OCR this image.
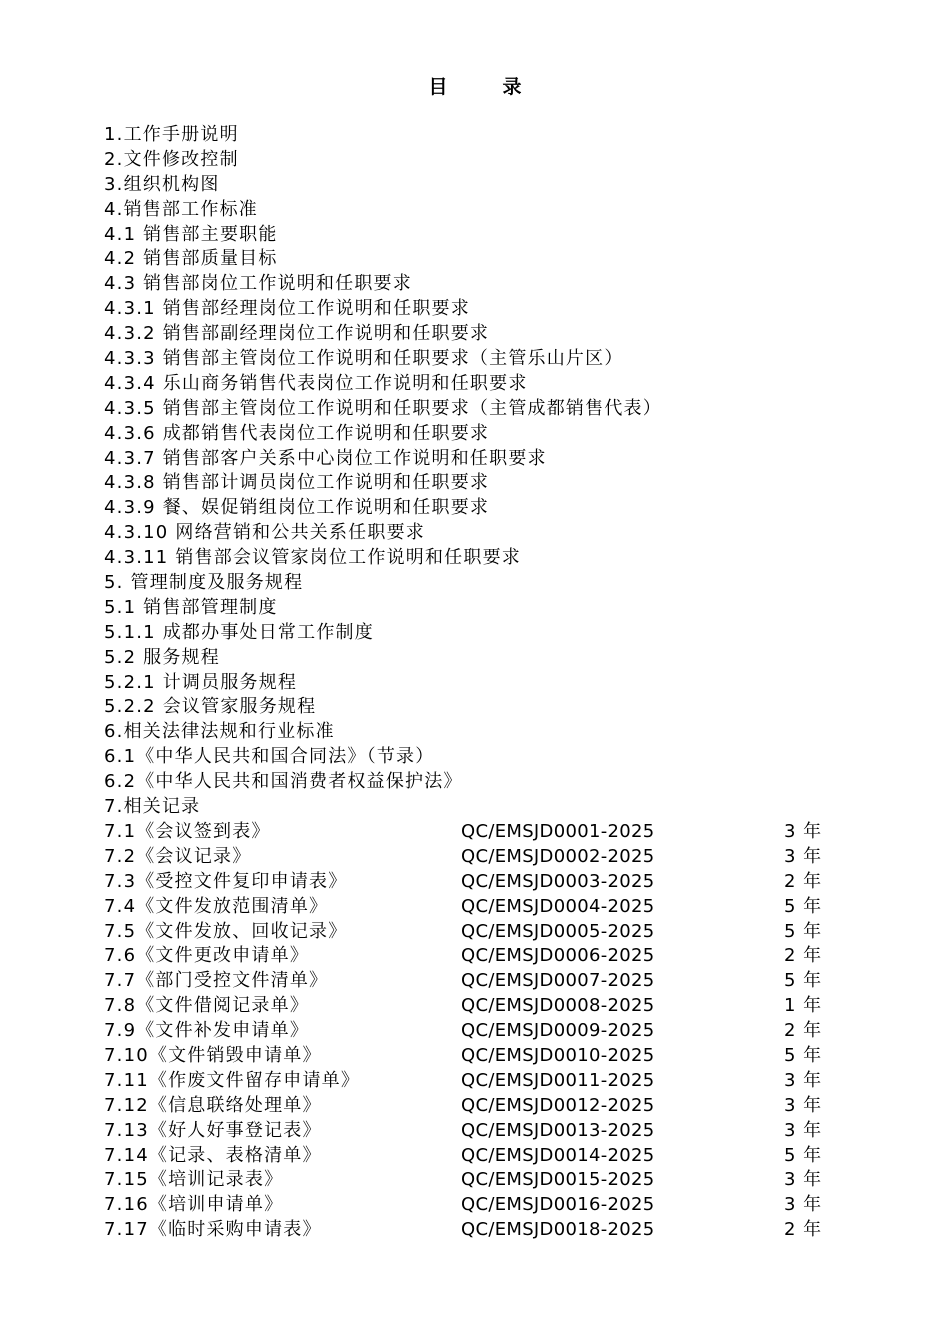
目　录
1.工作手册说明
2.文件修改控制
3.组织机构图
4.销售部工作标准
4.1 销售部主要职能
4.2 销售部质量目标
4.3 销售部岗位工作说明和任职要求
4.3.1 销售部经理岗位工作说明和任职要求
4.3.2 销售部副经理岗位工作说明和任职要求
4.3.3 销售部主管岗位工作说明和任职要求（主管乐山片区）
4.3.4 乐山商务销售代表岗位工作说明和任职要求
4.3.5 销售部主管岗位工作说明和任职要求（主管成都销售代表）
4.3.6 成都销售代表岗位工作说明和任职要求
4.3.7 销售部客户关系中心岗位工作说明和任职要求
4.3.8 销售部计调员岗位工作说明和任职要求
4.3.9 餐、娱促销组岗位工作说明和任职要求
4.3.10 网络营销和公共关系任职要求
4.3.11 销售部会议管家岗位工作说明和任职要求
5. 管理制度及服务规程
5.1 销售部管理制度
5.1.1 成都办事处日常工作制度
5.2 服务规程
5.2.1 计调员服务规程
5.2.2 会议管家服务规程
6.相关法律法规和行业标准
6.1《中华人民共和国合同法》（节录）
6.2《中华人民共和国消费者权益保护法》
7.相关记录
7.1《会议签到表》	QC/EMSJD0001-2025	3 年
7.2《会议记录》	QC/EMSJD0002-2025	3 年
7.3《受控文件复印申请表》	QC/EMSJD0003-2025	2 年
7.4《文件发放范围清单》	QC/EMSJD0004-2025	5 年
7.5《文件发放、回收记录》	QC/EMSJD0005-2025	5 年
7.6《文件更改申请单》	QC/EMSJD0006-2025	2 年
7.7《部门受控文件清单》	QC/EMSJD0007-2025	5 年
7.8《文件借阅记录单》	QC/EMSJD0008-2025	1 年
7.9《文件补发申请单》	QC/EMSJD0009-2025	2 年
7.10《文件销毁申请单》	QC/EMSJD0010-2025	5 年
7.11《作废文件留存申请单》	QC/EMSJD0011-2025	3 年
7.12《信息联络处理单》	QC/EMSJD0012-2025	3 年
7.13《好人好事登记表》	QC/EMSJD0013-2025	3 年
7.14《记录、表格清单》	QC/EMSJD0014-2025	5 年
7.15《培训记录表》	QC/EMSJD0015-2025	3 年
7.16《培训申请单》	QC/EMSJD0016-2025	3 年
7.17《临时采购申请表》	QC/EMSJD0018-2025	2 年
